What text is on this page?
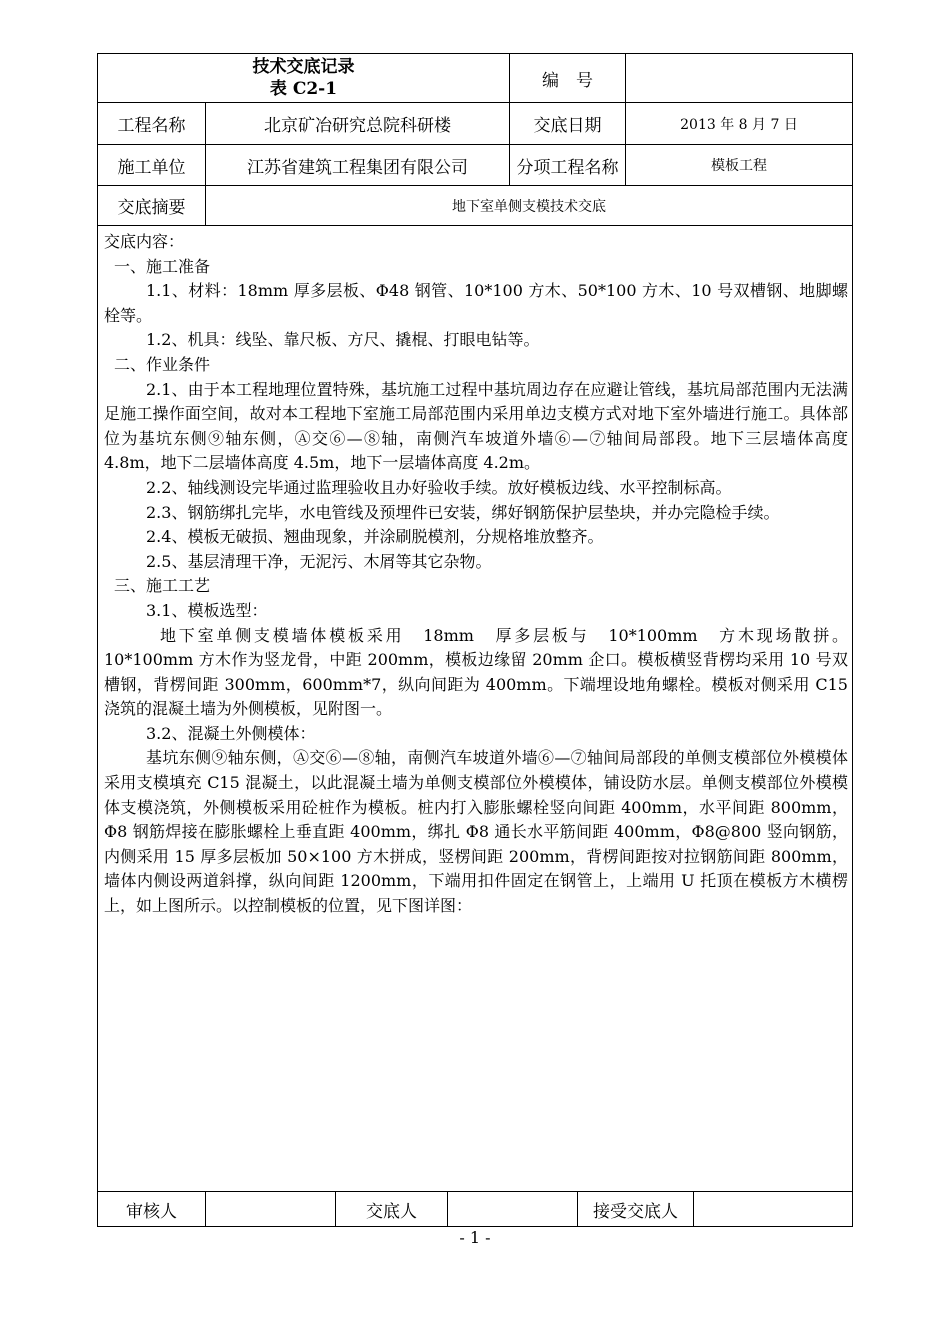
技术交底记录
表 C2-1	编　号
工程名称	北京矿冶研究总院科研楼	交底日期	2013 年 8 月 7 日
施工单位	江苏省建筑工程集团有限公司	分项工程名称	模板工程
交底摘要	地下室单侧支模技术交底

交底内容：

一、施工准备

1.1、材料：18mm 厚多层板、Φ48 钢管、10*100 方木、50*100 方木、10 号双槽钢、地脚螺栓等。

1.2、机具：线坠、靠尺板、方尺、撬棍、打眼电钻等。

二、作业条件

2.1、由于本工程地理位置特殊，基坑施工过程中基坑周边存在应避让管线，基坑局部范围内无法满足施工操作面空间，故对本工程地下室施工局部范围内采用单边支模方式对地下室外墙进行施工。具体部位为基坑东侧⑨轴东侧，Ⓐ交⑥—⑧轴，南侧汽车坡道外墙⑥—⑦轴间局部段。地下三层墙体高度 4.8m，地下二层墙体高度 4.5m，地下一层墙体高度 4.2m。

2.2、轴线测设完毕通过监理验收且办好验收手续。放好模板边线、水平控制标高。

2.3、钢筋绑扎完毕，水电管线及预埋件已安装，绑好钢筋保护层垫块，并办完隐检手续。

2.4、模板无破损、翘曲现象，并涂刷脱模剂，分规格堆放整齐。

2.5、基层清理干净，无泥污、木屑等其它杂物。

三、施工工艺

3.1、模板选型：

地下室单侧支模墙体模板采用　18mm　厚多层板与　10*100mm　方木现场散拼。10*100mm 方木作为竖龙骨，中距 200mm，模板边缘留 20mm 企口。模板横竖背楞均采用 10 号双槽钢，背楞间距 300mm，600mm*7，纵向间距为 400mm。下端埋设地角螺栓。模板对侧采用 C15 浇筑的混凝土墙为外侧模板，见附图一。

3.2、混凝土外侧模体：

基坑东侧⑨轴东侧，Ⓐ交⑥—⑧轴，南侧汽车坡道外墙⑥—⑦轴间局部段的单侧支模部位外模模体采用支模填充 C15 混凝土，以此混凝土墙为单侧支模部位外模模体，铺设防水层。单侧支模部位外模模体支模浇筑，外侧模板采用砼桩作为模板。桩内打入膨胀螺栓竖向间距 400mm，水平间距 800mm，Φ8 钢筋焊接在膨胀螺栓上垂直距 400mm，绑扎 Φ8 通长水平筋间距 400mm，Φ8@800 竖向钢筋，内侧采用 15 厚多层板加 50×100 方木拼成，竖楞间距 200mm，背楞间距按对拉钢筋间距 800mm，墙体内侧设两道斜撑，纵向间距 1200mm，下端用扣件固定在钢管上，上端用 U 托顶在模板方木横楞上，如上图所示。以控制模板的位置，见下图详图：

审核人	交底人	接受交底人
- 1 -
